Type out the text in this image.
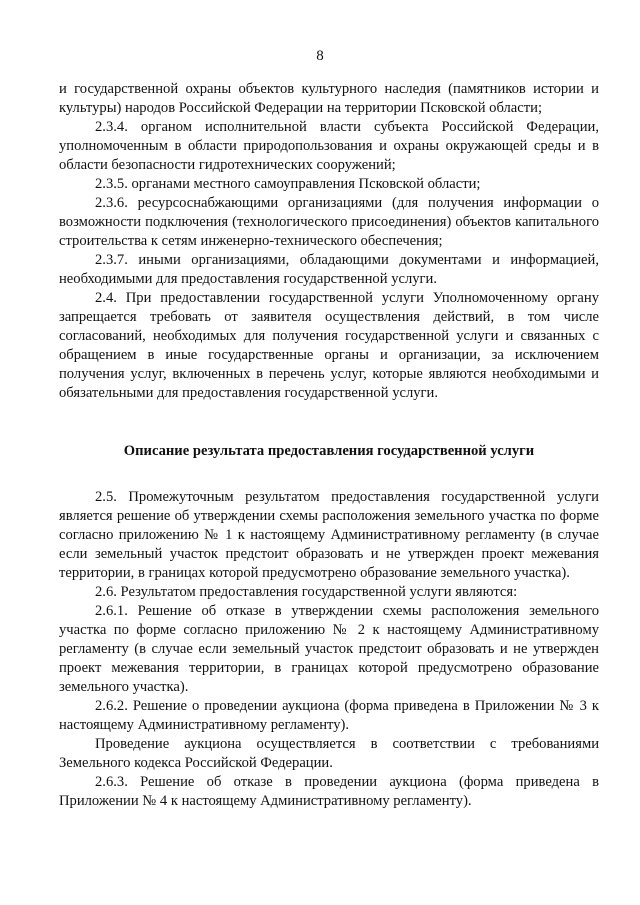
8

и государственной охраны объектов культурного наследия (памятников истории и культуры) народов Российской Федерации на территории Псковской области;

2.3.4. органом исполнительной власти субъекта Российской Федерации, уполномоченным в области природопользования и охраны окружающей среды и в области безопасности гидротехнических сооружений;

2.3.5. органами местного самоуправления Псковской области;

2.3.6. ресурсоснабжающими организациями (для получения информации о возможности подключения (технологического присоединения) объектов капитального строительства к сетям инженерно-технического обеспечения;

2.3.7. иными организациями, обладающими документами и информацией, необходимыми для предоставления государственной услуги.

2.4. При предоставлении государственной услуги Уполномоченному органу запрещается требовать от заявителя осуществления действий, в том числе согласований, необходимых для получения государственной услуги и связанных с обращением в иные государственные органы и организации, за исключением получения услуг, включенных в перечень услуг, которые являются необходимыми и обязательными для предоставления государственной услуги.

Описание результата предоставления государственной услуги

2.5. Промежуточным результатом предоставления государственной услуги является решение об утверждении схемы расположения земельного участка по форме согласно приложению № 1 к настоящему Административному регламенту (в случае если земельный участок предстоит образовать и не утвержден проект межевания территории, в границах которой предусмотрено образование земельного участка).

2.6. Результатом предоставления государственной услуги являются:

2.6.1. Решение об отказе в утверждении схемы расположения земельного участка по форме согласно приложению № 2 к настоящему Административному регламенту (в случае если земельный участок предстоит образовать и не утвержден проект межевания территории, в границах которой предусмотрено образование земельного участка).

2.6.2. Решение о проведении аукциона (форма приведена в Приложении № 3 к настоящему Административному регламенту).

Проведение аукциона осуществляется в соответствии с требованиями Земельного кодекса Российской Федерации.

2.6.3. Решение об отказе в проведении аукциона (форма приведена в Приложении № 4 к настоящему Административному регламенту).
